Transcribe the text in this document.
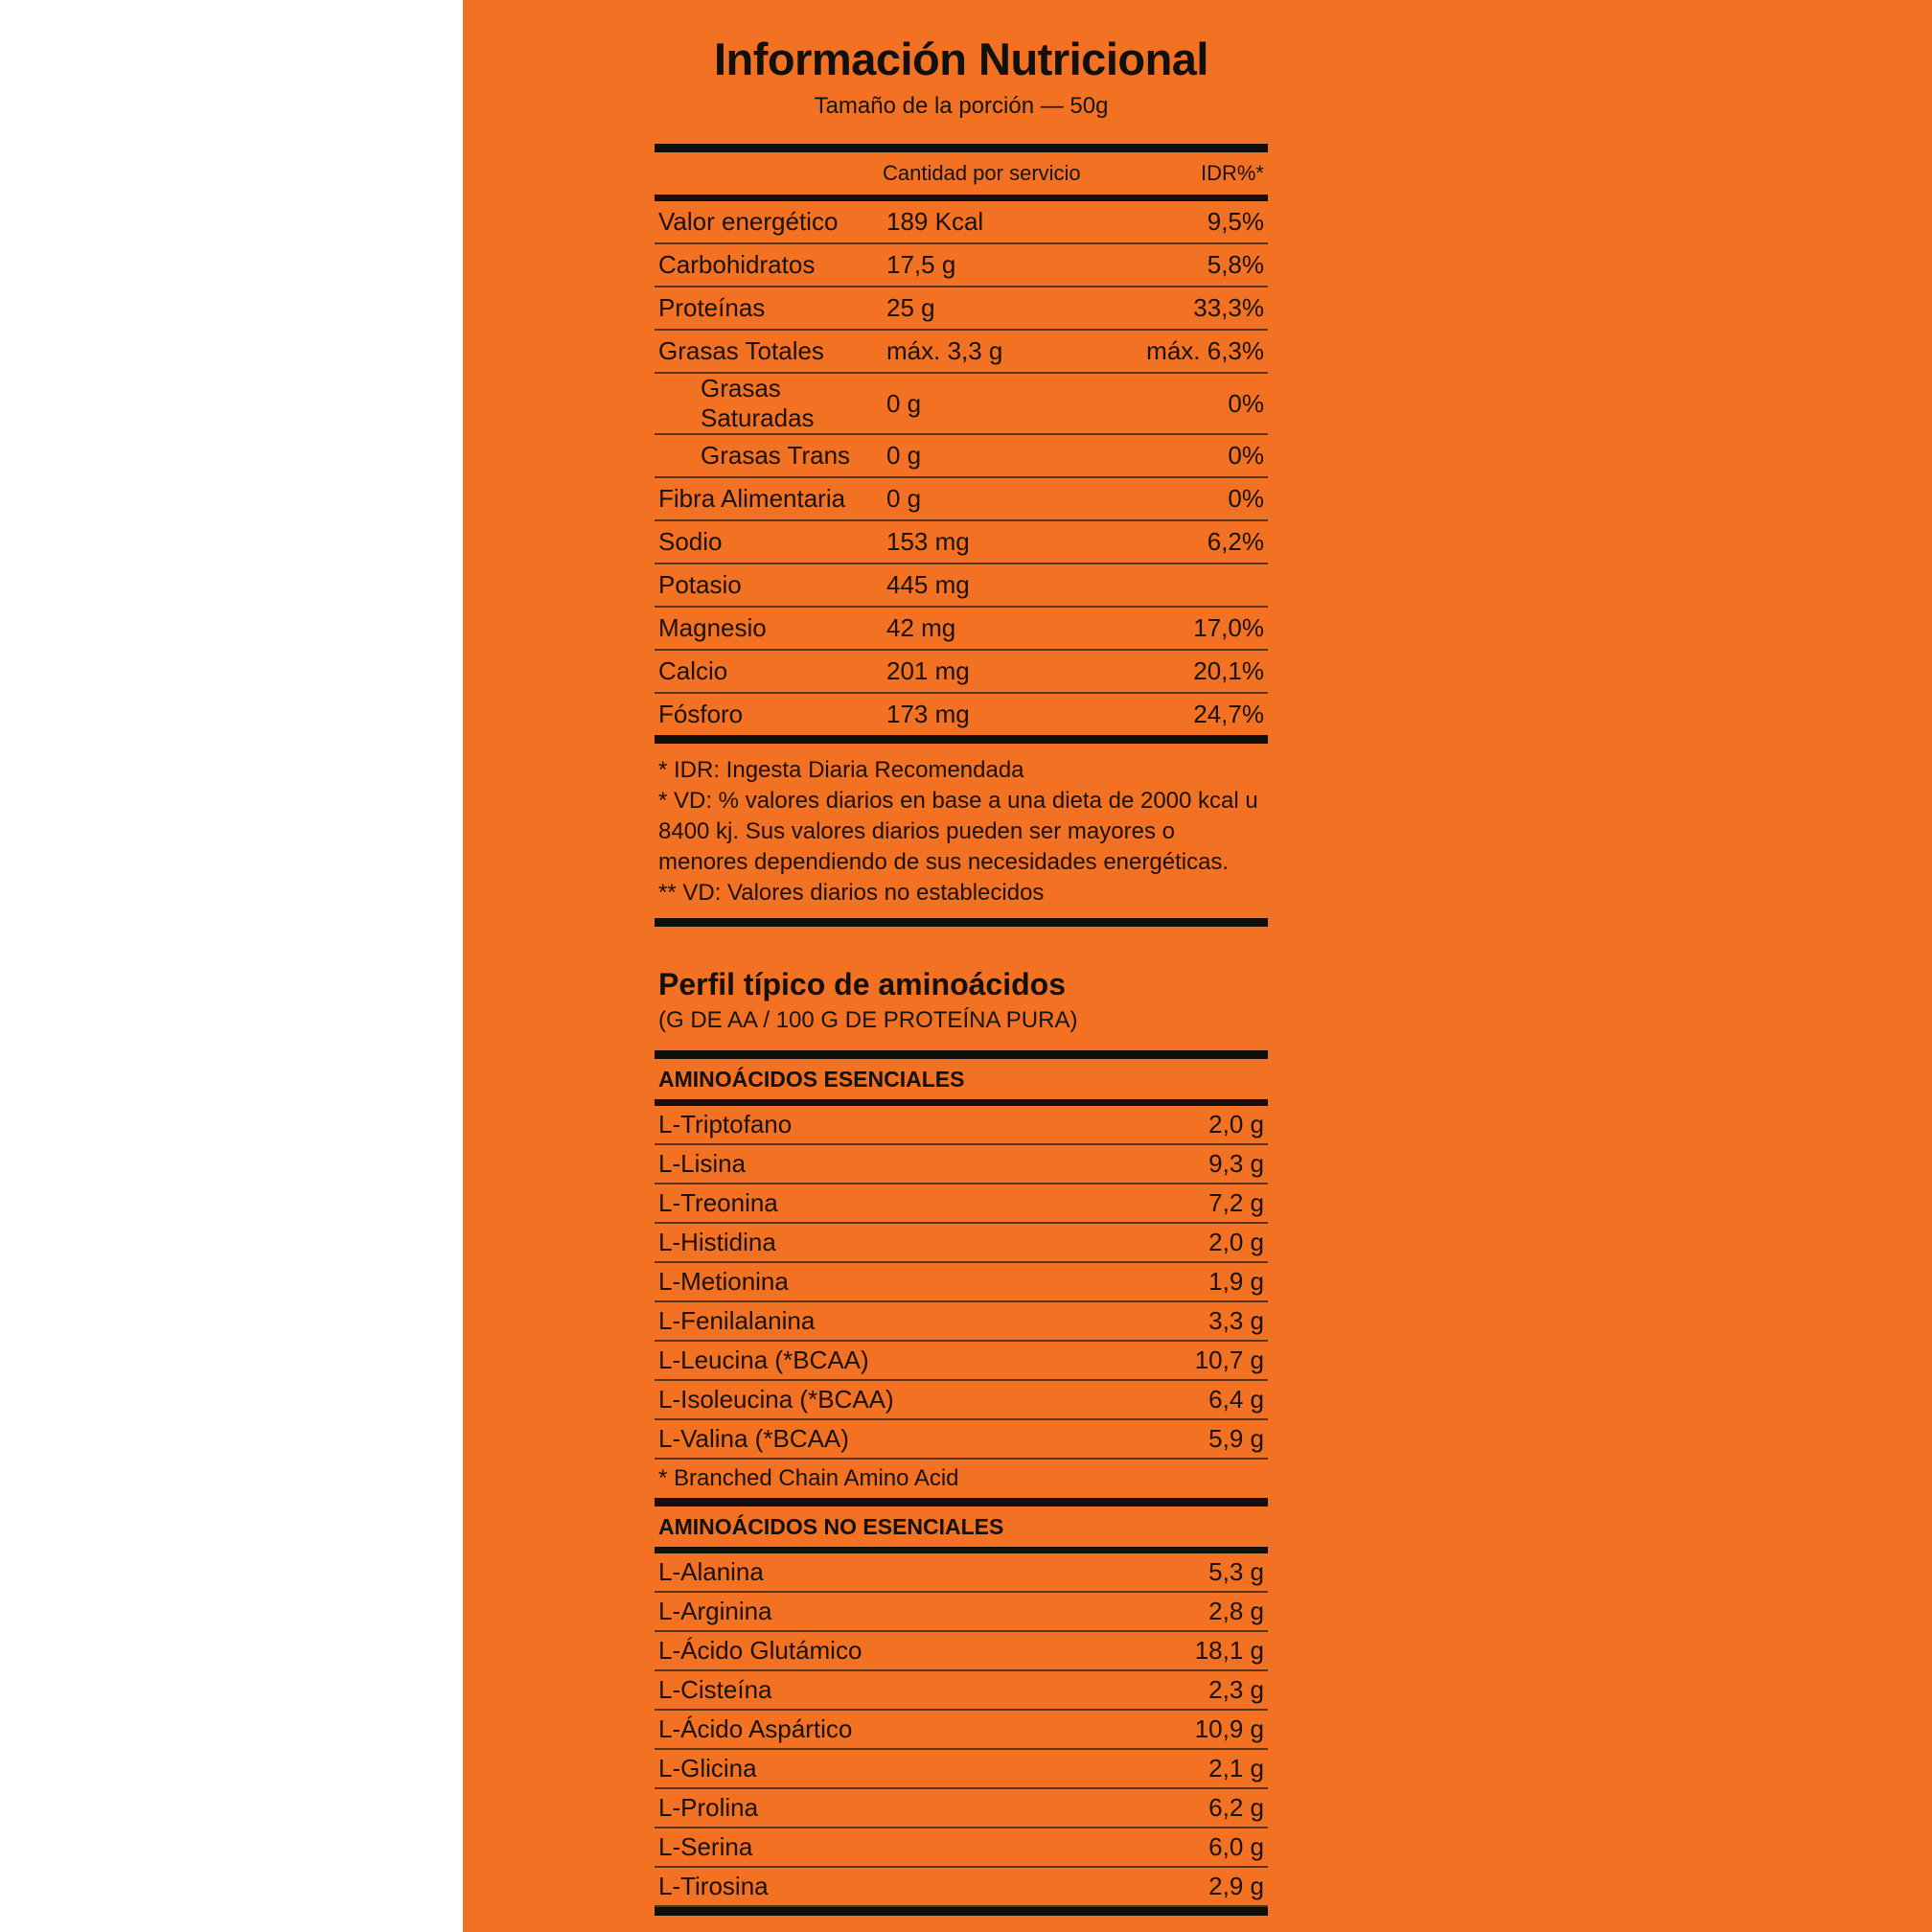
Información Nutricional
Tamaño de la porción — 50g
	Cantidad por servicio	IDR%*
Valor energético	189 Kcal	9,5%
Carbohidratos	17,5 g	5,8%
Proteínas	25 g	33,3%
Grasas Totales	máx. 3,3 g	máx. 6,3%
Grasas Saturadas	0 g	0%
Grasas Trans	0 g	0%
Fibra Alimentaria	0 g	0%
Sodio	153 mg	6,2%
Potasio	445 mg	
Magnesio	42 mg	17,0%
Calcio	201 mg	20,1%
Fósforo	173 mg	24,7%

* IDR: Ingesta Diaria Recomendada

* VD: % valores diarios en base a una dieta de 2000 kcal u 8400 kj. Sus valores diarios pueden ser mayores o menores dependiendo de sus necesidades energéticas.

** VD: Valores diarios no establecidos

Perfil típico de aminoácidos
(G DE AA / 100 G DE PROTEÍNA PURA)
AMINOÁCIDOS ESENCIALES
L-Triptofano	2,0 g
L-Lisina	9,3 g
L-Treonina	7,2 g
L-Histidina	2,0 g
L-Metionina	1,9 g
L-Fenilalanina	3,3 g
L-Leucina (*BCAA)	10,7 g
L-Isoleucina (*BCAA)	6,4 g
L-Valina (*BCAA)	5,9 g
* Branched Chain Amino Acid
AMINOÁCIDOS NO ESENCIALES
L-Alanina	5,3 g
L-Arginina	2,8 g
L-Ácido Glutámico	18,1 g
L-Cisteína	2,3 g
L-Ácido Aspártico	10,9 g
L-Glicina	2,1 g
L-Prolina	6,2 g
L-Serina	6,0 g
L-Tirosina	2,9 g
